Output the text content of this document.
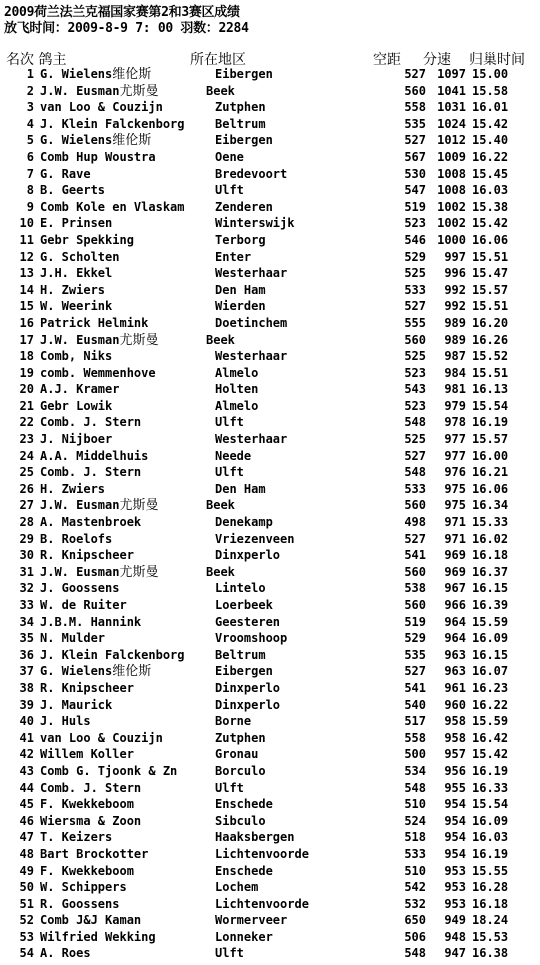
2009荷兰法兰克福国家赛第2和3赛区成绩
放飞时间：2009-8-9 7: 00 羽数：2284
名次 鸽主	所在地区	空距 分速 归巢时间
1 G. Wielens维伦斯	Eibergen	527 1097 15.00
2 J.W. Eusman尤斯曼	Beek	560 1041 15.58
3 van Loo & Couzijn	Zutphen	558 1031 16.01
4 J. Klein Falckenborg	Beltrum	535 1024 15.42
5 G. Wielens维伦斯	Eibergen	527 1012 15.40
6 Comb Hup Woustra	Oene	567 1009 16.22
7 G. Rave	Bredevoort	530 1008 15.45
8 B. Geerts	Ulft	547 1008 16.03
9 Comb Kole en Vlaskam	Zenderen	519 1002 15.38
10 E. Prinsen	Winterswijk	523 1002 15.42
11 Gebr Spekking	Terborg	546 1000 16.06
12 G. Scholten	Enter	529	997 15.51
13 J.H. Ekkel	Westerhaar	525	996 15.47
14 H. Zwiers	Den Ham	533	992 15.57
15 W. Weerink	Wierden	527	992 15.51
16 Patrick Helmink	Doetinchem	555	989 16.20
17 J.W. Eusman尤斯曼	Beek	560	989 16.26
18 Comb, Niks	Westerhaar	525	987 15.52
19 comb. Wemmenhove	Almelo	523	984 15.51
20 A.J. Kramer	Holten	543	981 16.13
21 Gebr Lowik	Almelo	523	979 15.54
22 Comb. J. Stern	Ulft	548	978 16.19
23 J. Nijboer	Westerhaar	525	977 15.57
24 A.A. Middelhuis	Neede	527	977 16.00
25 Comb. J. Stern	Ulft	548	976 16.21
26 H. Zwiers	Den Ham	533	975 16.06
27 J.W. Eusman尤斯曼	Beek	560	975 16.34
28 A. Mastenbroek	Denekamp	498	971 15.33
29 B. Roelofs	Vriezenveen	527	971 16.02
30 R. Knipscheer	Dinxperlo	541	969 16.18
31 J.W. Eusman尤斯曼	Beek	560	969 16.37
32 J. Goossens	Lintelo	538	967 16.15
33 W. de Ruiter	Loerbeek	560	966 16.39
34 J.B.M. Hannink	Geesteren	519	964 15.59
35 N. Mulder	Vroomshoop	529	964 16.09
36 J. Klein Falckenborg	Beltrum	535	963 16.15
37 G. Wielens维伦斯	Eibergen	527	963 16.07
38 R. Knipscheer	Dinxperlo	541	961 16.23
39 J. Maurick	Dinxperlo	540	960 16.22
40 J. Huls	Borne	517	958 15.59
41 van Loo & Couzijn	Zutphen	558	958 16.42
42 Willem Koller	Gronau	500	957 15.42
43 Comb G. Tjoonk & Zn	Borculo	534	956 16.19
44 Comb. J. Stern	Ulft	548	955 16.33
45 F. Kwekkeboom	Enschede	510	954 15.54
46 Wiersma & Zoon	Sibculo	524	954 16.09
47 T. Keizers	Haaksbergen	518	954 16.03
48 Bart Brockotter	Lichtenvoorde	533	954 16.19
49 F. Kwekkeboom	Enschede	510	953 15.55
50 W. Schippers	Lochem	542	953 16.28
51 R. Goossens	Lichtenvoorde	532	953 16.18
52 Comb J&J Kaman	Wormerveer	650	949 18.24
53 Wilfried Wekking	Lonneker	506	948 15.53
54 A. Roes	Ulft	548	947 16.38
